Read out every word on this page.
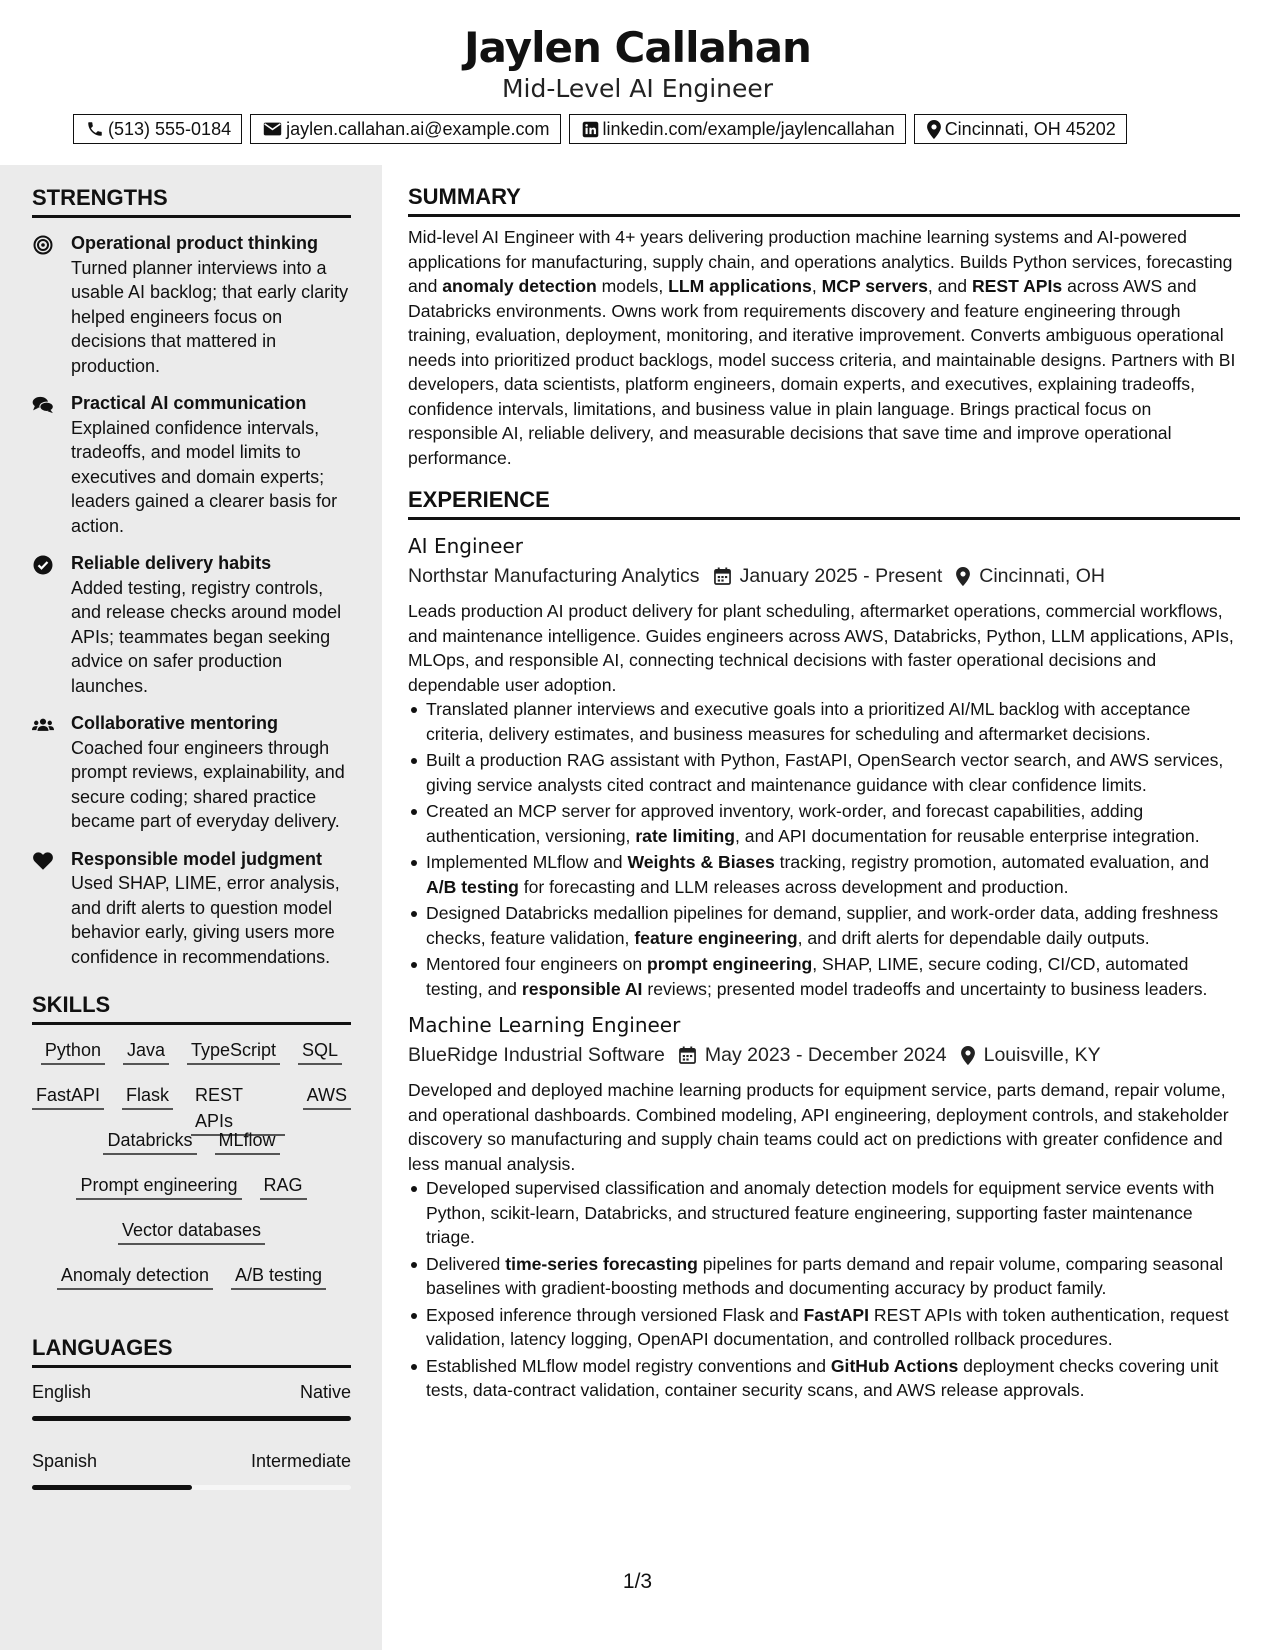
Jaylen Callahan
Mid-Level AI Engineer
(513) 555-0184	jaylen.callahan.ai@example.com	linkedin.com/example/jaylencallahan	Cincinnati, OH 45202
STRENGTHS
Operational product thinking
Turned planner interviews into a usable AI backlog; that early clarity helped engineers focus on decisions that mattered in production.
Practical AI communication
Explained confidence intervals, tradeoffs, and model limits to executives and domain experts; leaders gained a clearer basis for action.
Reliable delivery habits
Added testing, registry controls, and release checks around model APIs; teammates began seeking advice on safer production launches.
Collaborative mentoring
Coached four engineers through prompt reviews, explainability, and secure coding; shared practice became part of everyday delivery.
Responsible model judgment
Used SHAP, LIME, error analysis, and drift alerts to question model behavior early, giving users more confidence in recommendations.
SKILLS
Python Java TypeScript SQL
FastAPI Flask REST APIs
AWS
Databricks MLflow
Prompt engineering RAG
Vector databases
Anomaly detection A/B testing
LANGUAGES
English	Native
Spanish	Intermediate
SUMMARY
Mid-level AI Engineer with 4+ years delivering production machine learning systems and AI-powered applications for manufacturing, supply chain, and operations analytics. Builds Python services, forecasting and anomaly detection models, LLM applications, MCP servers, and REST APIs across AWS and Databricks environments. Owns work from requirements discovery and feature engineering through training, evaluation, deployment, monitoring, and iterative improvement. Converts ambiguous operational needs into prioritized product backlogs, model success criteria, and maintainable designs. Partners with BI developers, data scientists, platform engineers, domain experts, and executives, explaining tradeoffs, confidence intervals, limitations, and business value in plain language. Brings practical focus on responsible AI, reliable delivery, and measurable decisions that save time and improve operational performance.
EXPERIENCE
AI Engineer
Northstar Manufacturing Analytics January 2025 - Present Cincinnati, OH
Leads production AI product delivery for plant scheduling, aftermarket operations, commercial workflows, and maintenance intelligence. Guides engineers across AWS, Databricks, Python, LLM applications, APIs, MLOps, and responsible AI, connecting technical decisions with faster operational decisions and dependable user adoption.
Translated planner interviews and executive goals into a prioritized AI/ML backlog with acceptance criteria, delivery estimates, and business measures for scheduling and aftermarket decisions.
Built a production RAG assistant with Python, FastAPI, OpenSearch vector search, and AWS services, giving service analysts cited contract and maintenance guidance with clear confidence limits.
Created an MCP server for approved inventory, work-order, and forecast capabilities, adding authentication, versioning, rate limiting, and API documentation for reusable enterprise integration.
Implemented MLflow and Weights & Biases tracking, registry promotion, automated evaluation, and A/B testing for forecasting and LLM releases across development and production.
Designed Databricks medallion pipelines for demand, supplier, and work-order data, adding freshness checks, feature validation, feature engineering, and drift alerts for dependable daily outputs.
Mentored four engineers on prompt engineering, SHAP, LIME, secure coding, CI/CD, automated testing, and responsible AI reviews; presented model tradeoffs and uncertainty to business leaders.
Machine Learning Engineer
BlueRidge Industrial Software May 2023 - December 2024 Louisville, KY
Developed and deployed machine learning products for equipment service, parts demand, repair volume, and operational dashboards. Combined modeling, API engineering, deployment controls, and stakeholder discovery so manufacturing and supply chain teams could act on predictions with greater confidence and less manual analysis.
Developed supervised classification and anomaly detection models for equipment service events with Python, scikit-learn, Databricks, and structured feature engineering, supporting faster maintenance triage.
Delivered time-series forecasting pipelines for parts demand and repair volume, comparing seasonal baselines with gradient-boosting methods and documenting accuracy by product family.
Exposed inference through versioned Flask and FastAPI REST APIs with token authentication, request validation, latency logging, OpenAPI documentation, and controlled rollback procedures.
Established MLflow model registry conventions and GitHub Actions deployment checks covering unit tests, data-contract validation, container security scans, and AWS release approvals.
1/3
